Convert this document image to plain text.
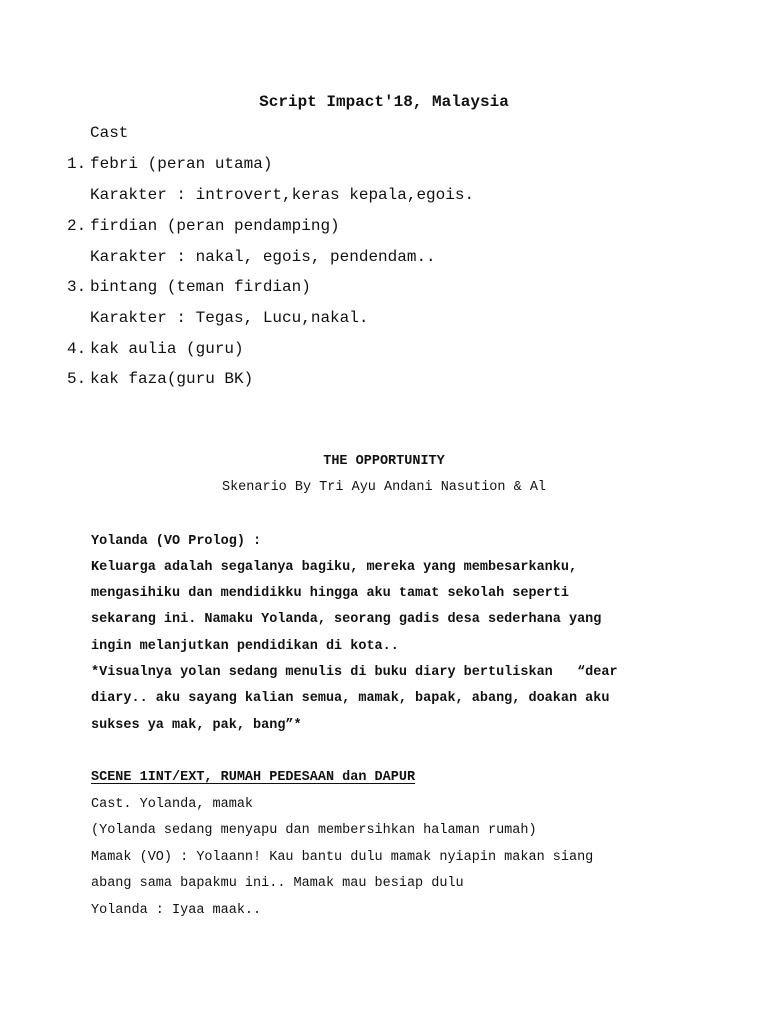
Script Impact'18, Malaysia
Cast
1. febri (peran utama)
Karakter : introvert,keras kepala,egois.
2. firdian (peran pendamping)
Karakter : nakal, egois, pendendam..
3. bintang (teman firdian)
Karakter : Tegas, Lucu,nakal.
4. kak aulia (guru)
5. kak faza(guru BK)
THE OPPORTUNITY
Skenario By Tri Ayu Andani Nasution & Al
Yolanda (VO Prolog) :
Keluarga adalah segalanya bagiku, mereka yang membesarkanku,
mengasihiku dan mendidikku hingga aku tamat sekolah seperti
sekarang ini. Namaku Yolanda, seorang gadis desa sederhana yang
ingin melanjutkan pendidikan di kota..
*Visualnya yolan sedang menulis di buku diary bertuliskan   “dear
diary.. aku sayang kalian semua, mamak, bapak, abang, doakan aku
sukses ya mak, pak, bang”*
SCENE 1INT/EXT, RUMAH PEDESAAN dan DAPUR
Cast. Yolanda, mamak
(Yolanda sedang menyapu dan membersihkan halaman rumah)
Mamak (VO) : Yolaann! Kau bantu dulu mamak nyiapin makan siang
abang sama bapakmu ini.. Mamak mau besiap dulu
Yolanda : Iyaa maak..
